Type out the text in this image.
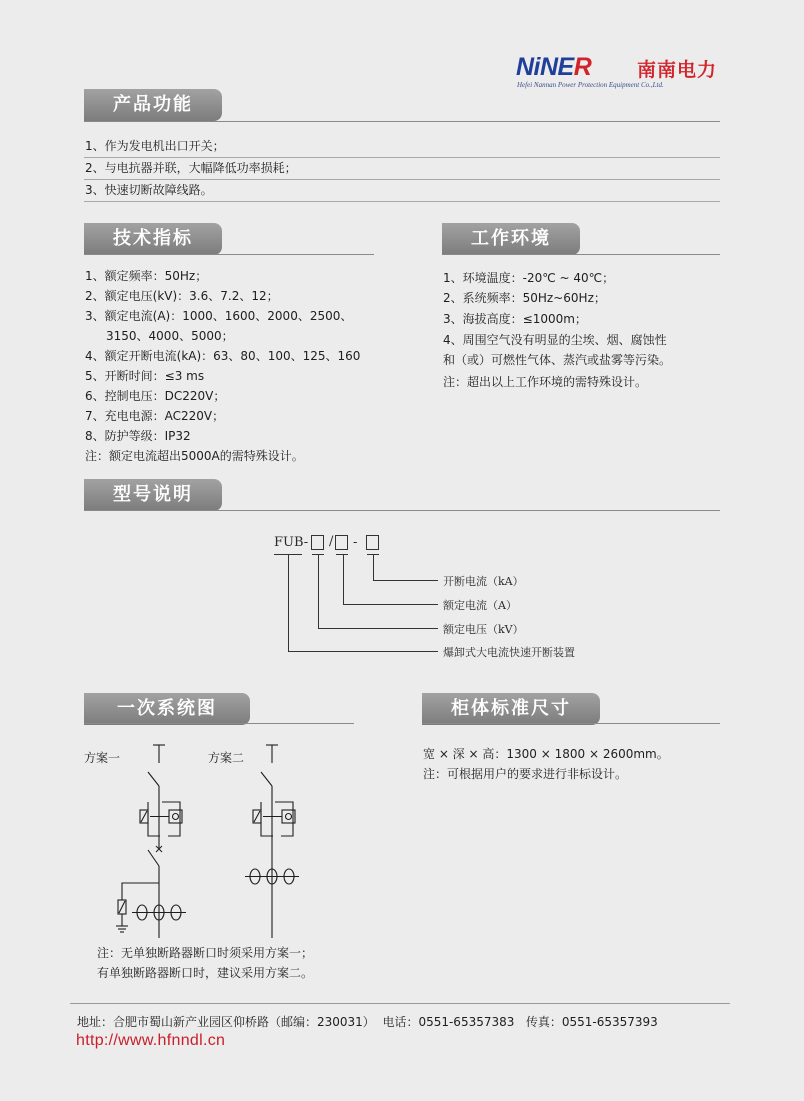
NiNER 南南电力
Hefei Nannan Power Protection Equipment Co.,Ltd.
产品功能
1、作为发电机出口开关；
2、与电抗器并联，大幅降低功率损耗；
3、快速切断故障线路。
技术指标
1、额定频率：50Hz；
2、额定电压(kV)：3.6、7.2、12；
3、额定电流(A)：1000、1600、2000、2500、
3150、4000、5000；
4、额定开断电流(kA)：63、80、100、125、160
5、开断时间：≤3 ms
6、控制电压：DC220V；
7、充电电源：AC220V；
8、防护等级：IP32
注：额定电流超出5000A的需特殊设计。
工作环境
1、环境温度：-20℃ ~ 40℃；
2、系统频率：50Hz~60Hz；
3、海拔高度：≤1000m；
4、周围空气没有明显的尘埃、烟、腐蚀性
和（或）可燃性气体、蒸汽或盐雾等污染。
注：超出以上工作环境的需特殊设计。
型号说明
FUB- / -
开断电流（kA）
额定电流（A）
额定电压（kV）
爆卸式大电流快速开断装置
一次系统图
方案一	方案二
注：无单独断路器断口时须采用方案一；
有单独断路器断口时，建议采用方案二。
柜体标准尺寸
宽 × 深 × 高：1300 × 1800 × 2600mm。
注：可根据用户的要求进行非标设计。
地址：合肥市蜀山新产业园区仰桥路（邮编：230031）  电话：0551-65357383   传真：0551-65357393
http://www.hfnndl.cn
